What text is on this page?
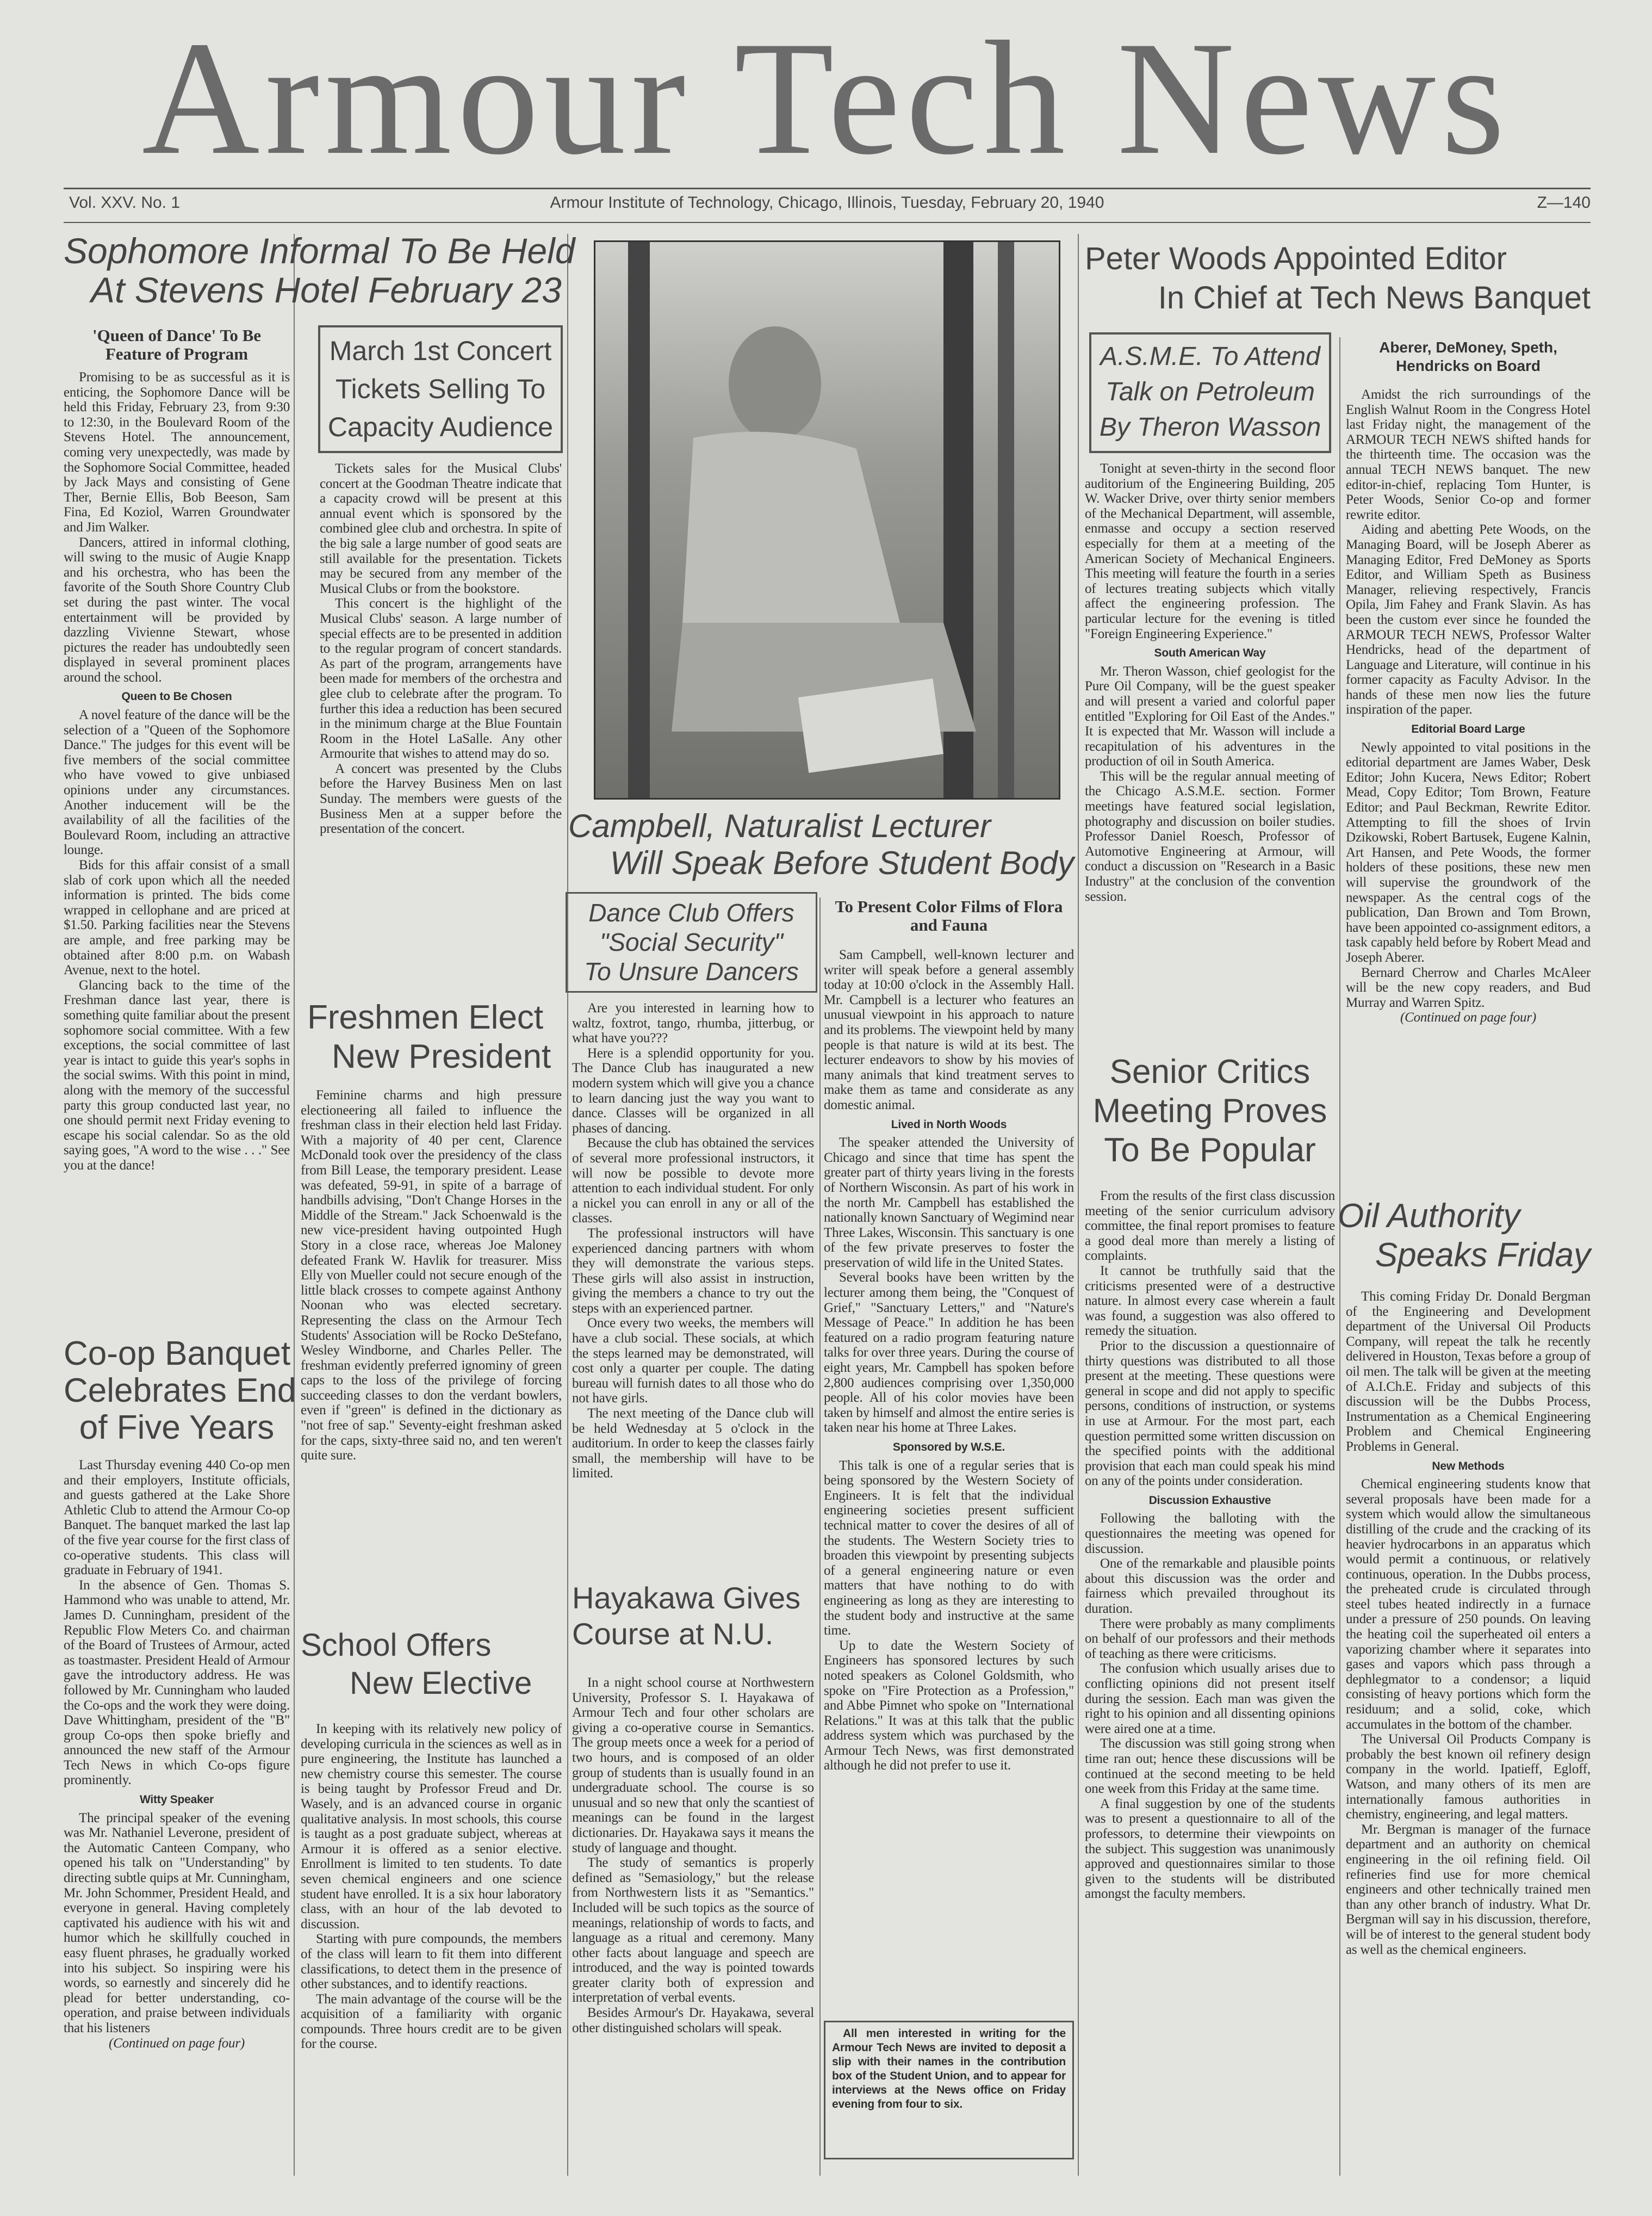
Armour Tech News
Vol. XXV. No. 1	Armour Institute of Technology, Chicago, Illinois, Tuesday, February 20, 1940	Z—140
Sophomore Informal To Be Held
At Stevens Hotel February 23
'Queen of Dance' To Be Feature of Program

Promising to be as successful as it is enticing, the Sophomore Dance will be held this Friday, February 23, from 9:30 to 12:30, in the Boulevard Room of the Stevens Hotel. The announcement, coming very unexpectedly, was made by the Sophomore Social Committee, headed by Jack Mays and consisting of Gene Ther, Bernie Ellis, Bob Beeson, Sam Fina, Ed Koziol, Warren Groundwater and Jim Walker.

Dancers, attired in informal clothing, will swing to the music of Augie Knapp and his orchestra, who has been the favorite of the South Shore Country Club set during the past winter. The vocal entertainment will be provided by dazzling Vivienne Stewart, whose pictures the reader has undoubtedly seen displayed in several prominent places around the school.

Queen to Be Chosen

A novel feature of the dance will be the selection of a "Queen of the Sophomore Dance." The judges for this event will be five members of the social committee who have vowed to give unbiased opinions under any circumstances. Another inducement will be the availability of all the facilities of the Boulevard Room, including an attractive lounge.

Bids for this affair consist of a small slab of cork upon which all the needed information is printed. The bids come wrapped in cellophane and are priced at $1.50. Parking facilities near the Stevens are ample, and free parking may be obtained after 8:00 p.m. on Wabash Avenue, next to the hotel.

Glancing back to the time of the Freshman dance last year, there is something quite familiar about the present sophomore social committee. With a few exceptions, the social committee of last year is intact to guide this year's sophs in the social swims. With this point in mind, along with the memory of the successful party this group conducted last year, no one should permit next Friday evening to escape his social calendar. So as the old saying goes, "A word to the wise . . ." See you at the dance!

Co-op Banquet
Celebrates End
of Five Years

Last Thursday evening 440 Co-op men and their employers, Institute officials, and guests gathered at the Lake Shore Athletic Club to attend the Armour Co-op Banquet. The banquet marked the last lap of the five year course for the first class of co-operative students. This class will graduate in February of 1941.

In the absence of Gen. Thomas S. Hammond who was unable to attend, Mr. James D. Cunningham, president of the Republic Flow Meters Co. and chairman of the Board of Trustees of Armour, acted as toastmaster. President Heald of Armour gave the introductory address. He was followed by Mr. Cunningham who lauded the Co-ops and the work they were doing. Dave Whittingham, president of the "B" group Co-ops then spoke briefly and announced the new staff of the Armour Tech News in which Co-ops figure prominently.

Witty Speaker

The principal speaker of the evening was Mr. Nathaniel Leverone, president of the Automatic Canteen Company, who opened his talk on "Understanding" by directing subtle quips at Mr. Cunningham, Mr. John Schommer, President Heald, and everyone in general. Having completely captivated his audience with his wit and humor which he skillfully couched in easy fluent phrases, he gradually worked into his subject. So inspiring were his words, so earnestly and sincerely did he plead for better understanding, co-operation, and praise between individuals that his listeners

(Continued on page four)

March 1st Concert
Tickets Selling To
Capacity Audience

Tickets sales for the Musical Clubs' concert at the Goodman Theatre indicate that a capacity crowd will be present at this annual event which is sponsored by the combined glee club and orchestra. In spite of the big sale a large number of good seats are still available for the presentation. Tickets may be secured from any member of the Musical Clubs or from the bookstore.

This concert is the highlight of the Musical Clubs' season. A large number of special effects are to be presented in addition to the regular program of concert standards. As part of the program, arrangements have been made for members of the orchestra and glee club to celebrate after the program. To further this idea a reduction has been secured in the minimum charge at the Blue Fountain Room in the Hotel LaSalle. Any other Armourite that wishes to attend may do so.

A concert was presented by the Clubs before the Harvey Business Men on last Sunday. The members were guests of the Business Men at a supper before the presentation of the concert.

Freshmen Elect
New President

Feminine charms and high pressure electioneering all failed to influence the freshman class in their election held last Friday. With a majority of 40 per cent, Clarence McDonald took over the presidency of the class from Bill Lease, the temporary president. Lease was defeated, 59-91, in spite of a barrage of handbills advising, "Don't Change Horses in the Middle of the Stream." Jack Schoenwald is the new vice-president having outpointed Hugh Story in a close race, whereas Joe Maloney defeated Frank W. Havlik for treasurer. Miss Elly von Mueller could not secure enough of the little black crosses to compete against Anthony Noonan who was elected secretary. Representing the class on the Armour Tech Students' Association will be Rocko DeStefano, Wesley Windborne, and Charles Peller. The freshman evidently preferred ignominy of green caps to the loss of the privilege of forcing succeeding classes to don the verdant bowlers, even if "green" is defined in the dictionary as "not free of sap." Seventy-eight freshman asked for the caps, sixty-three said no, and ten weren't quite sure.

School Offers
New Elective

In keeping with its relatively new policy of developing curricula in the sciences as well as in pure engineering, the Institute has launched a new chemistry course this semester. The course is being taught by Professor Freud and Dr. Wasely, and is an advanced course in organic qualitative analysis. In most schools, this course is taught as a post graduate subject, whereas at Armour it is offered as a senior elective. Enrollment is limited to ten students. To date seven chemical engineers and one science student have enrolled. It is a six hour laboratory class, with an hour of the lab devoted to discussion.

Starting with pure compounds, the members of the class will learn to fit them into different classifications, to detect them in the presence of other substances, and to identify reactions.

The main advantage of the course will be the acquisition of a familiarity with organic compounds. Three hours credit are to be given for the course.

Campbell, Naturalist Lecturer
Will Speak Before Student Body
Dance Club Offers
"Social Security"
To Unsure Dancers

Are you interested in learning how to waltz, foxtrot, tango, rhumba, jitterbug, or what have you???

Here is a splendid opportunity for you. The Dance Club has inaugurated a new modern system which will give you a chance to learn dancing just the way you want to dance. Classes will be organized in all phases of dancing.

Because the club has obtained the services of several more professional instructors, it will now be possible to devote more attention to each individual student. For only a nickel you can enroll in any or all of the classes.

The professional instructors will have experienced dancing partners with whom they will demonstrate the various steps. These girls will also assist in instruction, giving the members a chance to try out the steps with an experienced partner.

Once every two weeks, the members will have a club social. These socials, at which the steps learned may be demonstrated, will cost only a quarter per couple. The dating bureau will furnish dates to all those who do not have girls.

The next meeting of the Dance club will be held Wednesday at 5 o'clock in the auditorium. In order to keep the classes fairly small, the membership will have to be limited.

Hayakawa Gives
Course at N.U.

In a night school course at Northwestern University, Professor S. I. Hayakawa of Armour Tech and four other scholars are giving a co-operative course in Semantics. The group meets once a week for a period of two hours, and is composed of an older group of students than is usually found in an undergraduate school. The course is so unusual and so new that only the scantiest of meanings can be found in the largest dictionaries. Dr. Hayakawa says it means the study of language and thought.

The study of semantics is properly defined as "Semasiology," but the release from Northwestern lists it as "Semantics." Included will be such topics as the source of meanings, relationship of words to facts, and language as a ritual and ceremony. Many other facts about language and speech are introduced, and the way is pointed towards greater clarity both of expression and interpretation of verbal events.

Besides Armour's Dr. Hayakawa, several other distinguished scholars will speak.

To Present Color Films of Flora and Fauna

Sam Campbell, well-known lecturer and writer will speak before a general assembly today at 10:00 o'clock in the Assembly Hall. Mr. Campbell is a lecturer who features an unusual viewpoint in his approach to nature and its problems. The viewpoint held by many people is that nature is wild at its best. The lecturer endeavors to show by his movies of many animals that kind treatment serves to make them as tame and considerate as any domestic animal.

Lived in North Woods

The speaker attended the University of Chicago and since that time has spent the greater part of thirty years living in the forests of Northern Wisconsin. As part of his work in the north Mr. Campbell has established the nationally known Sanctuary of Wegimind near Three Lakes, Wisconsin. This sanctuary is one of the few private preserves to foster the preservation of wild life in the United States.

Several books have been written by the lecturer among them being, the "Conquest of Grief," "Sanctuary Letters," and "Nature's Message of Peace." In addition he has been featured on a radio program featuring nature talks for over three years. During the course of eight years, Mr. Campbell has spoken before 2,800 audiences comprising over 1,350,000 people. All of his color movies have been taken by himself and almost the entire series is taken near his home at Three Lakes.

Sponsored by W.S.E.

This talk is one of a regular series that is being sponsored by the Western Society of Engineers. It is felt that the individual engineering societies present sufficient technical matter to cover the desires of all of the students. The Western Society tries to broaden this viewpoint by presenting subjects of a general engineering nature or even matters that have nothing to do with engineering as long as they are interesting to the student body and instructive at the same time.

Up to date the Western Society of Engineers has sponsored lectures by such noted speakers as Colonel Goldsmith, who spoke on "Fire Protection as a Profession," and Abbe Pimnet who spoke on "International Relations." It was at this talk that the public address system which was purchased by the Armour Tech News, was first demonstrated although he did not prefer to use it.

All men interested in writing for the Armour Tech News are invited to deposit a slip with their names in the contribution box of the Student Union, and to appear for interviews at the News office on Friday evening from four to six.

Peter Woods Appointed Editor
In Chief at Tech News Banquet
A.S.M.E. To Attend
Talk on Petroleum
By Theron Wasson

Tonight at seven-thirty in the second floor auditorium of the Engineering Building, 205 W. Wacker Drive, over thirty senior members of the Mechanical Department, will assemble, enmasse and occupy a section reserved especially for them at a meeting of the American Society of Mechanical Engineers. This meeting will feature the fourth in a series of lectures treating subjects which vitally affect the engineering profession. The particular lecture for the evening is titled "Foreign Engineering Experience."

South American Way

Mr. Theron Wasson, chief geologist for the Pure Oil Company, will be the guest speaker and will present a varied and colorful paper entitled "Exploring for Oil East of the Andes." It is expected that Mr. Wasson will include a recapitulation of his adventures in the production of oil in South America.

This will be the regular annual meeting of the Chicago A.S.M.E. section. Former meetings have featured social legislation, photography and discussion on boiler studies. Professor Daniel Roesch, Professor of Automotive Engineering at Armour, will conduct a discussion on "Research in a Basic Industry" at the conclusion of the convention session.

Senior Critics
Meeting Proves
To Be Popular

From the results of the first class discussion meeting of the senior curriculum advisory committee, the final report promises to feature a good deal more than merely a listing of complaints.

It cannot be truthfully said that the criticisms presented were of a destructive nature. In almost every case wherein a fault was found, a suggestion was also offered to remedy the situation.

Prior to the discussion a questionnaire of thirty questions was distributed to all those present at the meeting. These questions were general in scope and did not apply to specific persons, conditions of instruction, or systems in use at Armour. For the most part, each question permitted some written discussion on the specified points with the additional provision that each man could speak his mind on any of the points under consideration.

Discussion Exhaustive

Following the balloting with the questionnaires the meeting was opened for discussion.

One of the remarkable and plausible points about this discussion was the order and fairness which prevailed throughout its duration.

There were probably as many compliments on behalf of our professors and their methods of teaching as there were criticisms.

The confusion which usually arises due to conflicting opinions did not present itself during the session. Each man was given the right to his opinion and all dissenting opinions were aired one at a time.

The discussion was still going strong when time ran out; hence these discussions will be continued at the second meeting to be held one week from this Friday at the same time.

A final suggestion by one of the students was to present a questionnaire to all of the professors, to determine their viewpoints on the subject. This suggestion was unanimously approved and questionnaires similar to those given to the students will be distributed amongst the faculty members.

Aberer, DeMoney, Speth, Hendricks on Board

Amidst the rich surroundings of the English Walnut Room in the Congress Hotel last Friday night, the management of the ARMOUR TECH NEWS shifted hands for the thirteenth time. The occasion was the annual TECH NEWS banquet. The new editor-in-chief, replacing Tom Hunter, is Peter Woods, Senior Co-op and former rewrite editor.

Aiding and abetting Pete Woods, on the Managing Board, will be Joseph Aberer as Managing Editor, Fred DeMoney as Sports Editor, and William Speth as Business Manager, relieving respectively, Francis Opila, Jim Fahey and Frank Slavin. As has been the custom ever since he founded the ARMOUR TECH NEWS, Professor Walter Hendricks, head of the department of Language and Literature, will continue in his former capacity as Faculty Advisor. In the hands of these men now lies the future inspiration of the paper.

Editorial Board Large

Newly appointed to vital positions in the editorial department are James Waber, Desk Editor; John Kucera, News Editor; Robert Mead, Copy Editor; Tom Brown, Feature Editor; and Paul Beckman, Rewrite Editor. Attempting to fill the shoes of Irvin Dzikowski, Robert Bartusek, Eugene Kalnin, Art Hansen, and Pete Woods, the former holders of these positions, these new men will supervise the groundwork of the newspaper. As the central cogs of the publication, Dan Brown and Tom Brown, have been appointed co-assignment editors, a task capably held before by Robert Mead and Joseph Aberer.

Bernard Cherrow and Charles McAleer will be the new copy readers, and Bud Murray and Warren Spitz.

(Continued on page four)

Oil Authority
Speaks Friday

This coming Friday Dr. Donald Bergman of the Engineering and Development department of the Universal Oil Products Company, will repeat the talk he recently delivered in Houston, Texas before a group of oil men. The talk will be given at the meeting of A.I.Ch.E. Friday and subjects of this discussion will be the Dubbs Process, Instrumentation as a Chemical Engineering Problem and Chemical Engineering Problems in General.

New Methods

Chemical engineering students know that several proposals have been made for a system which would allow the simultaneous distilling of the crude and the cracking of its heavier hydrocarbons in an apparatus which would permit a continuous, or relatively continuous, operation. In the Dubbs process, the preheated crude is circulated through steel tubes heated indirectly in a furnace under a pressure of 250 pounds. On leaving the heating coil the superheated oil enters a vaporizing chamber where it separates into gases and vapors which pass through a dephlegmator to a condensor; a liquid consisting of heavy portions which form the residuum; and a solid, coke, which accumulates in the bottom of the chamber.

The Universal Oil Products Company is probably the best known oil refinery design company in the world. Ipatieff, Egloff, Watson, and many others of its men are internationally famous authorities in chemistry, engineering, and legal matters.

Mr. Bergman is manager of the furnace department and an authority on chemical engineering in the oil refining field. Oil refineries find use for more chemical engineers and other technically trained men than any other branch of industry. What Dr. Bergman will say in his discussion, therefore, will be of interest to the general student body as well as the chemical engineers.
